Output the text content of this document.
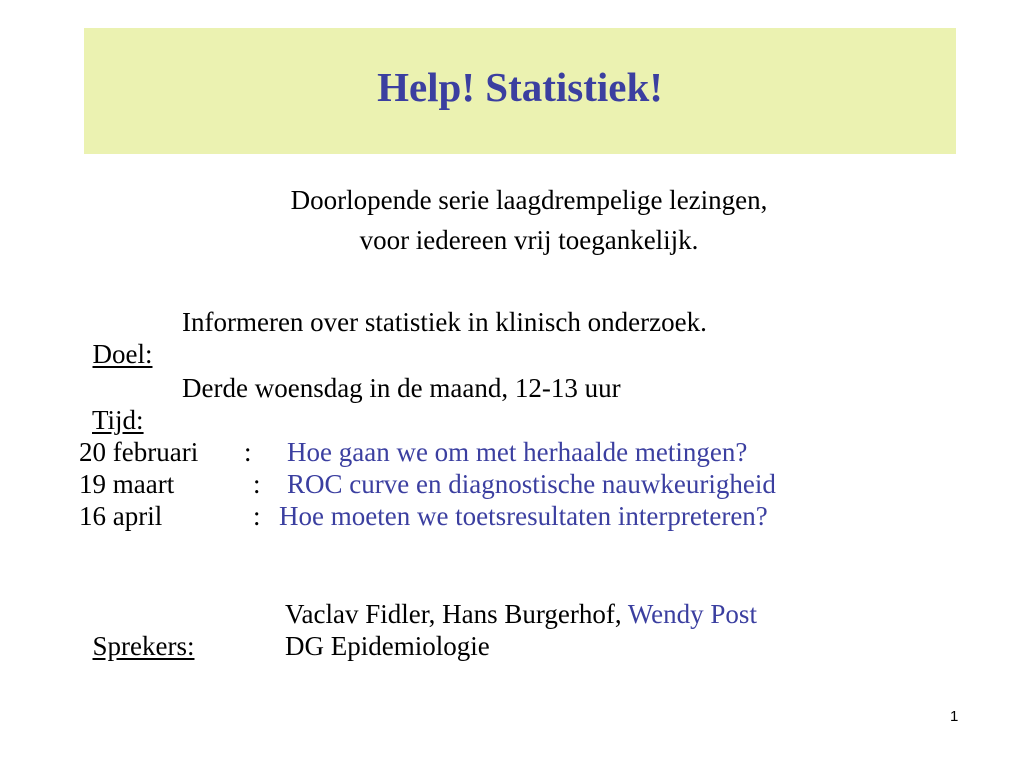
Help! Statistiek!
Doorlopende serie laagdrempelige lezingen,
voor iedereen vrij toegankelijk.

Doel:

Informeren over statistiek in klinisch onderzoek.

Tijd:

Derde woensdag in de maand, 12-13 uur
20 februari : Hoe gaan we om met herhaalde metingen?
19 maart	: ROC curve en diagnostische nauwkeurigheid
16 april	: Hoe moeten we toetsresultaten interpreteren?

Sprekers:

Vaclav Fidler, Hans Burgerhof, Wendy Post
DG Epidemiologie
1
